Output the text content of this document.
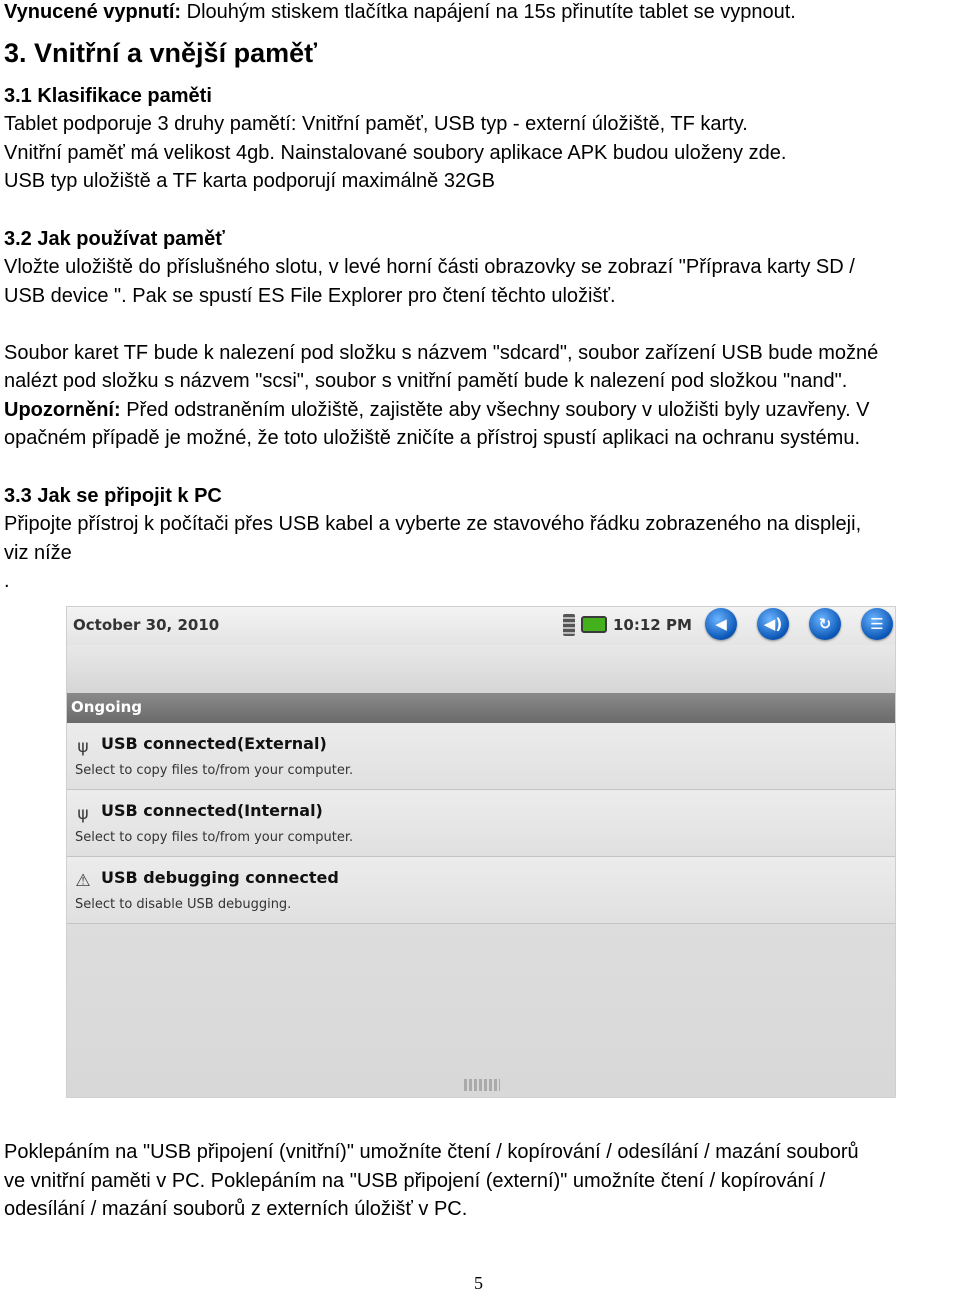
Vynucené vypnutí: Dlouhým stiskem tlačítka napájení na 15s přinutíte tablet se vypnout.
3. Vnitřní a vnější paměť
3.1 Klasifikace paměti
Tablet podporuje 3 druhy pamětí: Vnitřní paměť, USB typ - externí úložiště, TF karty.
Vnitřní paměť má velikost 4gb. Nainstalované soubory aplikace APK budou uloženy zde.
USB typ uložiště a TF karta podporují maximálně 32GB
3.2 Jak používat paměť
Vložte uložiště do příslušného slotu, v levé horní části obrazovky se zobrazí "Příprava karty SD /
USB device ". Pak se spustí ES File Explorer pro čtení těchto uložišť.
Soubor karet TF bude k nalezení pod složku s názvem "sdcard", soubor zařízení USB bude možné
nalézt pod složku s názvem "scsi", soubor s vnitřní pamětí bude k nalezení pod složkou "nand".
Upozornění: Před odstraněním uložiště, zajistěte aby všechny soubory v uložišti byly uzavřeny. V
opačném případě je možné, že toto uložiště zničíte a přístroj spustí aplikaci na ochranu systému.
3.3 Jak se připojit k PC
Připojte přístroj k počítači přes USB kabel a vyberte ze stavového řádku zobrazeného na displeji,
viz níže
.
October 30, 2010	10:12 PM	◀	◀)	↻	☰
Ongoing
ψ USB connected(External)
Select to copy files to/from your computer.
ψ USB connected(Internal)
Select to copy files to/from your computer.
⚠ USB debugging connected
Select to disable USB debugging.
Poklepáním na "USB připojení (vnitřní)" umožníte čtení / kopírování / odesílání / mazání souborů
ve vnitřní paměti v PC. Poklepáním na "USB připojení (externí)" umožníte čtení / kopírování /
odesílání / mazání souborů z externích úložišť v PC.
5
